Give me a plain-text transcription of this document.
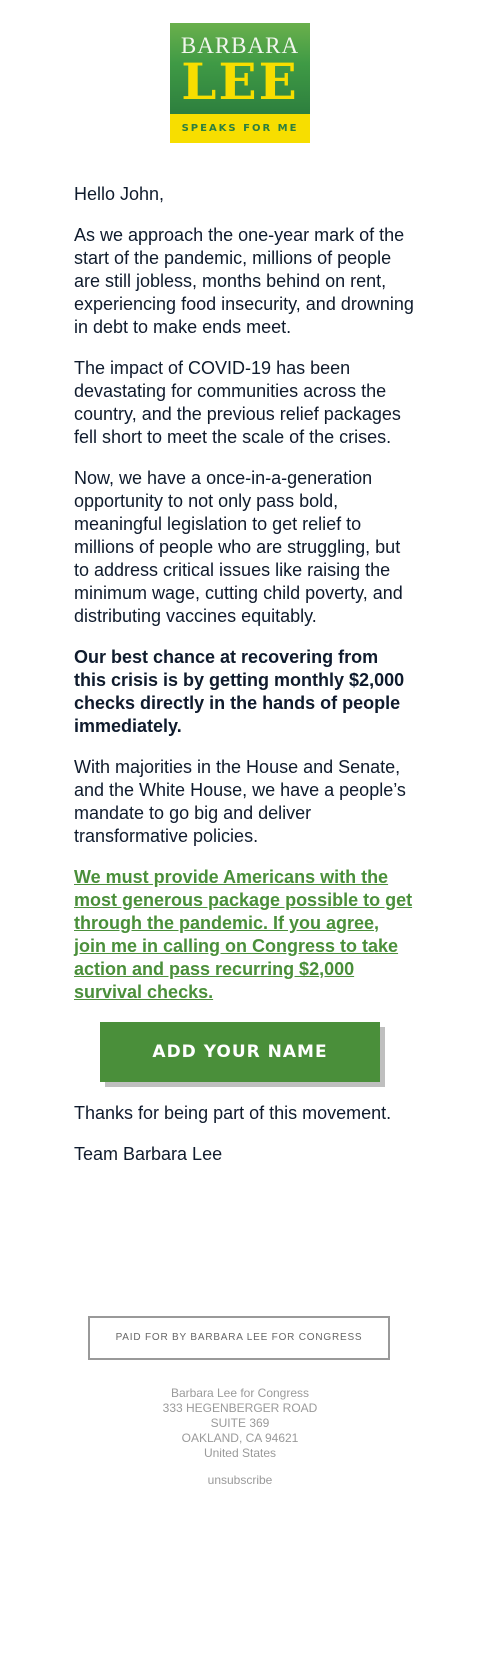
BARBARA
LEE
SPEAKS FOR ME

Hello John,

As we approach the one-year mark of the start of the pandemic, millions of people are still jobless, months behind on rent, experiencing food insecurity, and drowning in debt to make ends meet.

The impact of COVID-19 has been devastating for communities across the country, and the previous relief packages fell short to meet the scale of the crises.

Now, we have a once-in-a-generation opportunity to not only pass bold, meaningful legislation to get relief to millions of people who are struggling, but to address critical issues like raising the minimum wage, cutting child poverty, and distributing vaccines equitably.

Our best chance at recovering from this crisis is by getting monthly $2,000 checks directly in the hands of people immediately.

With majorities in the House and Senate, and the White House, we have a people’s mandate to go big and deliver transformative policies.

We must provide Americans with the most generous package possible to get through the pandemic. If you agree, join me in calling on Congress to take action and pass recurring $2,000 survival checks.

ADD YOUR NAME

Thanks for being part of this movement.

Team Barbara Lee

PAID FOR BY BARBARA LEE FOR CONGRESS
Barbara Lee for Congress
333 HEGENBERGER ROAD
SUITE 369
OAKLAND, CA 94621
United States
unsubscribe
